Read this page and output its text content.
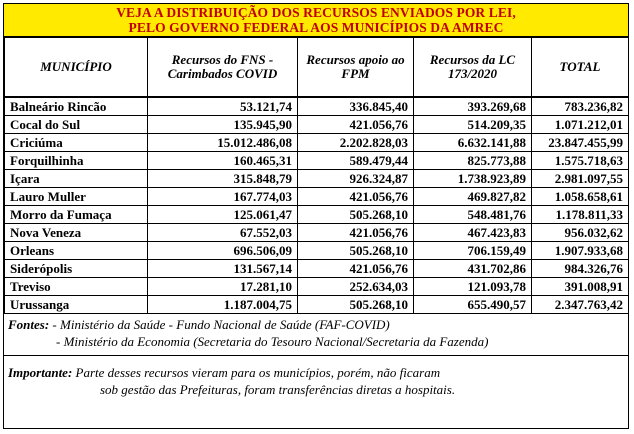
VEJA A DISTRIBUIÇÃO DOS RECURSOS ENVIADOS POR LEI,
PELO GOVERNO FEDERAL AOS MUNICÍPIOS DA AMREC
MUNICÍPIO	Recursos do FNS - Carimbados COVID	Recursos apoio ao FPM	Recursos da LC 173/2020	TOTAL
Balneário Rincão	53.121,74	336.845,40	393.269,68	783.236,82
Cocal do Sul	135.945,90	421.056,76	514.209,35	1.071.212,01
Criciúma	15.012.486,08	2.202.828,03	6.632.141,88	23.847.455,99
Forquilhinha	160.465,31	589.479,44	825.773,88	1.575.718,63
Içara	315.848,79	926.324,87	1.738.923,89	2.981.097,55
Lauro Muller	167.774,03	421.056,76	469.827,82	1.058.658,61
Morro da Fumaça	125.061,47	505.268,10	548.481,76	1.178.811,33
Nova Veneza	67.552,03	421.056,76	467.423,83	956.032,62
Orleans	696.506,09	505.268,10	706.159,49	1.907.933,68
Siderópolis	131.567,14	421.056,76	431.702,86	984.326,76
Treviso	17.281,10	252.634,03	121.093,78	391.008,91
Urussanga	1.187.004,75	505.268,10	655.490,57	2.347.763,42
Fontes: - Ministério da Saúde - Fundo Nacional de Saúde (FAF-COVID)
- Ministério da Economia (Secretaria do Tesouro Nacional/Secretaria da Fazenda)
Importante: Parte desses recursos vieram para os municípios, porém, não ficaram
sob gestão das Prefeituras, foram transferências diretas a hospitais.
